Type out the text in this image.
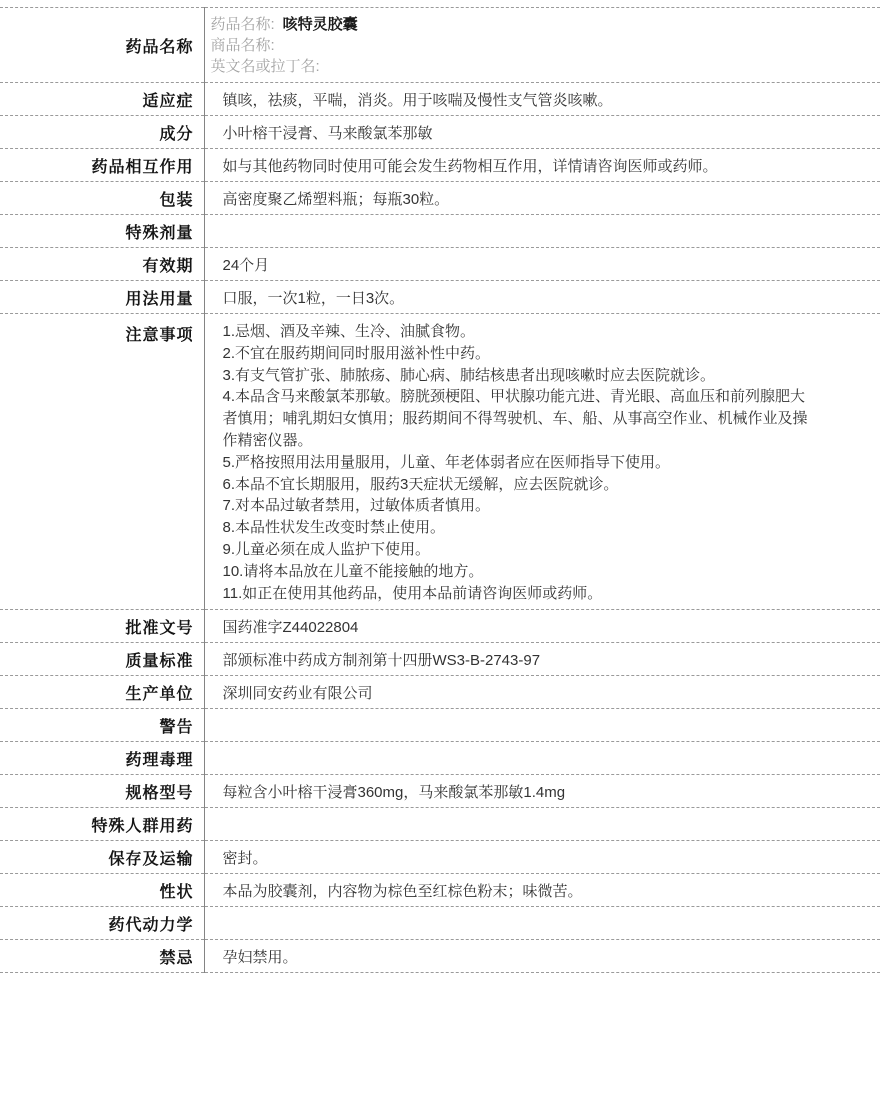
药品名称	药品名称: 咳特灵胶囊
商品名称:
英文名或拉丁名:

适应症	镇咳，祛痰，平喘，消炎。用于咳喘及慢性支气管炎咳嗽。
成分	小叶榕干浸膏、马来酸氯苯那敏
药品相互作用	如与其他药物同时使用可能会发生药物相互作用，详情请咨询医师或药师。
包装	高密度聚乙烯塑料瓶；每瓶30粒。
特殊剂量	
有效期	24个月
用法用量	口服，一次1粒，一日3次。
注意事项	1.忌烟、酒及辛辣、生冷、油腻食物。
2.不宜在服药期间同时服用滋补性中药。
3.有支气管扩张、肺脓疡、肺心病、肺结核患者出现咳嗽时应去医院就诊。
4.本品含马来酸氯苯那敏。膀胱颈梗阻、甲状腺功能亢进、青光眼、高血压和前列腺肥大者慎用；哺乳期妇女慎用；服药期间不得驾驶机、车、船、从事高空作业、机械作业及操作精密仪器。
5.严格按照用法用量服用，儿童、年老体弱者应在医师指导下使用。
6.本品不宜长期服用，服药3天症状无缓解，应去医院就诊。
7.对本品过敏者禁用，过敏体质者慎用。
8.本品性状发生改变时禁止使用。
9.儿童必须在成人监护下使用。
10.请将本品放在儿童不能接触的地方。
11.如正在使用其他药品，使用本品前请咨询医师或药师。

批准文号	国药准字Z44022804
质量标准	部颁标准中药成方制剂第十四册WS3-B-2743-97
生产单位	深圳同安药业有限公司
警告	
药理毒理	
规格型号	每粒含小叶榕干浸膏360mg，马来酸氯苯那敏1.4mg
特殊人群用药	
保存及运输	密封。
性状	本品为胶囊剂，内容物为棕色至红棕色粉末；味微苦。
药代动力学	
禁忌	孕妇禁用。
